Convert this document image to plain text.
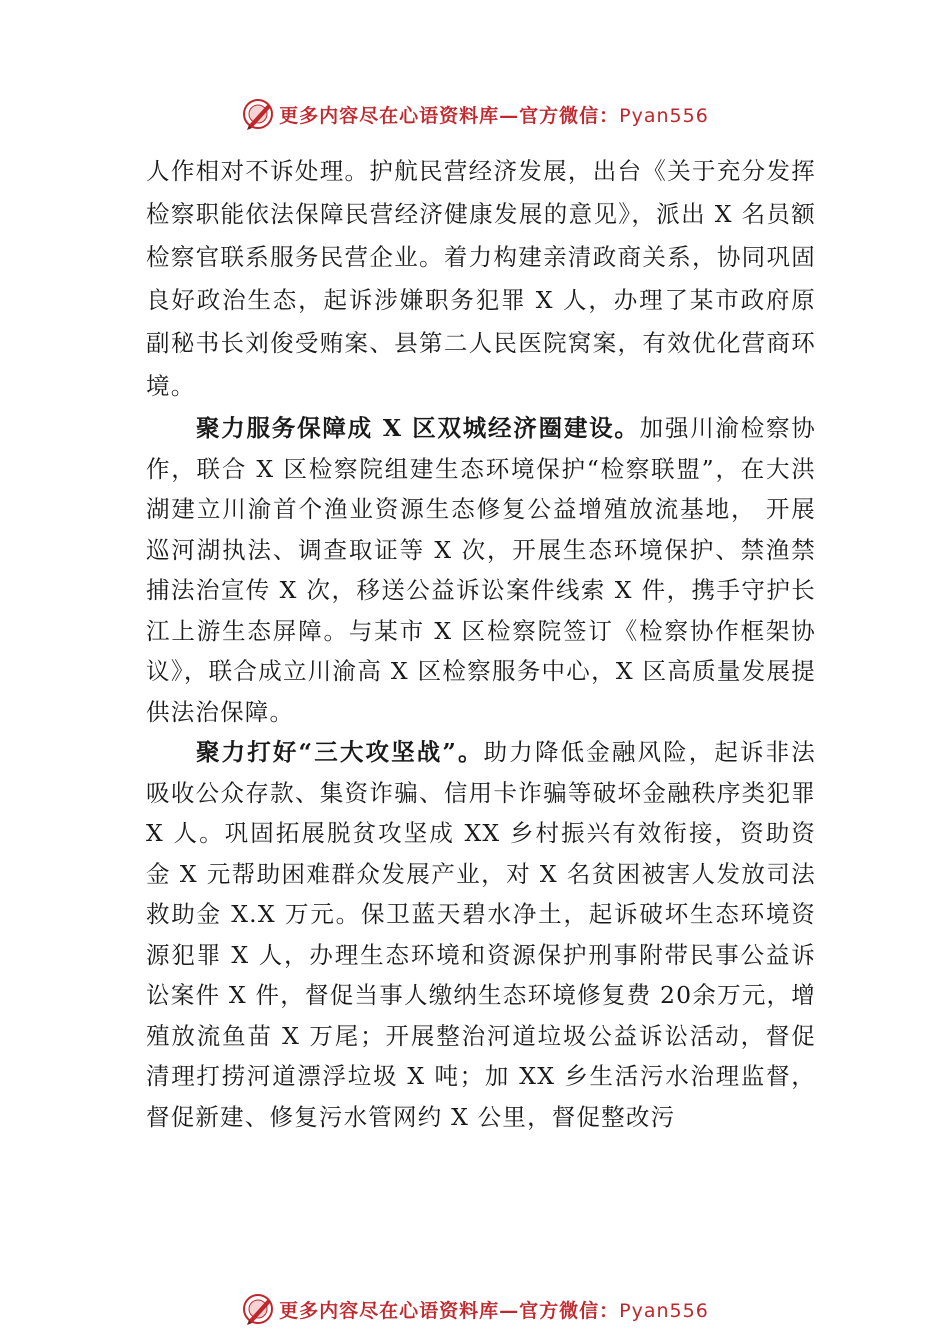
更多内容尽在心语资料库—官方微信：Pyan556

人作相对不诉处理。护航民营经济发展，出台《关于充分发挥检察职能依法保障民营经济健康发展的意见》，派出 X 名员额检察官联系服务民营企业。着力构建亲清政商关系，协同巩固良好政治生态，起诉涉嫌职务犯罪 X 人，办理了某市政府原副秘书长刘俊受贿案、县第二人民医院窝案，有效优化营商环境。

聚力服务保障成 X 区双城经济圈建设。加强川渝检察协作，联合 X 区检察院组建生态环境保护“检察联盟”，在大洪湖建立川渝首个渔业资源生态修复公益增殖放流基地， 开展巡河湖执法、调查取证等 X 次，开展生态环境保护、禁渔禁捕法治宣传 X 次，移送公益诉讼案件线索 X 件，携手守护长江上游生态屏障。与某市 X 区检察院签订《检察协作框架协议》，联合成立川渝高 X 区检察服务中心，X 区高质量发展提供法治保障。

聚力打好“三大攻坚战”。助力降低金融风险，起诉非法吸收公众存款、集资诈骗、信用卡诈骗等破坏金融秩序类犯罪 X 人。巩固拓展脱贫攻坚成 XX 乡村振兴有效衔接，资助资金 X 元帮助困难群众发展产业，对 X 名贫困被害人发放司法救助金 X.X 万元。保卫蓝天碧水净土，起诉破坏生态环境资源犯罪 X 人，办理生态环境和资源保护刑事附带民事公益诉讼案件 X 件，督促当事人缴纳生态环境修复费 20余万元，增殖放流鱼苗 X 万尾；开展整治河道垃圾公益诉讼活动，督促清理打捞河道漂浮垃圾 X 吨；加 XX 乡生活污水治理监督，督促新建、修复污水管网约 X 公里，督促整改污

更多内容尽在心语资料库—官方微信：Pyan556
